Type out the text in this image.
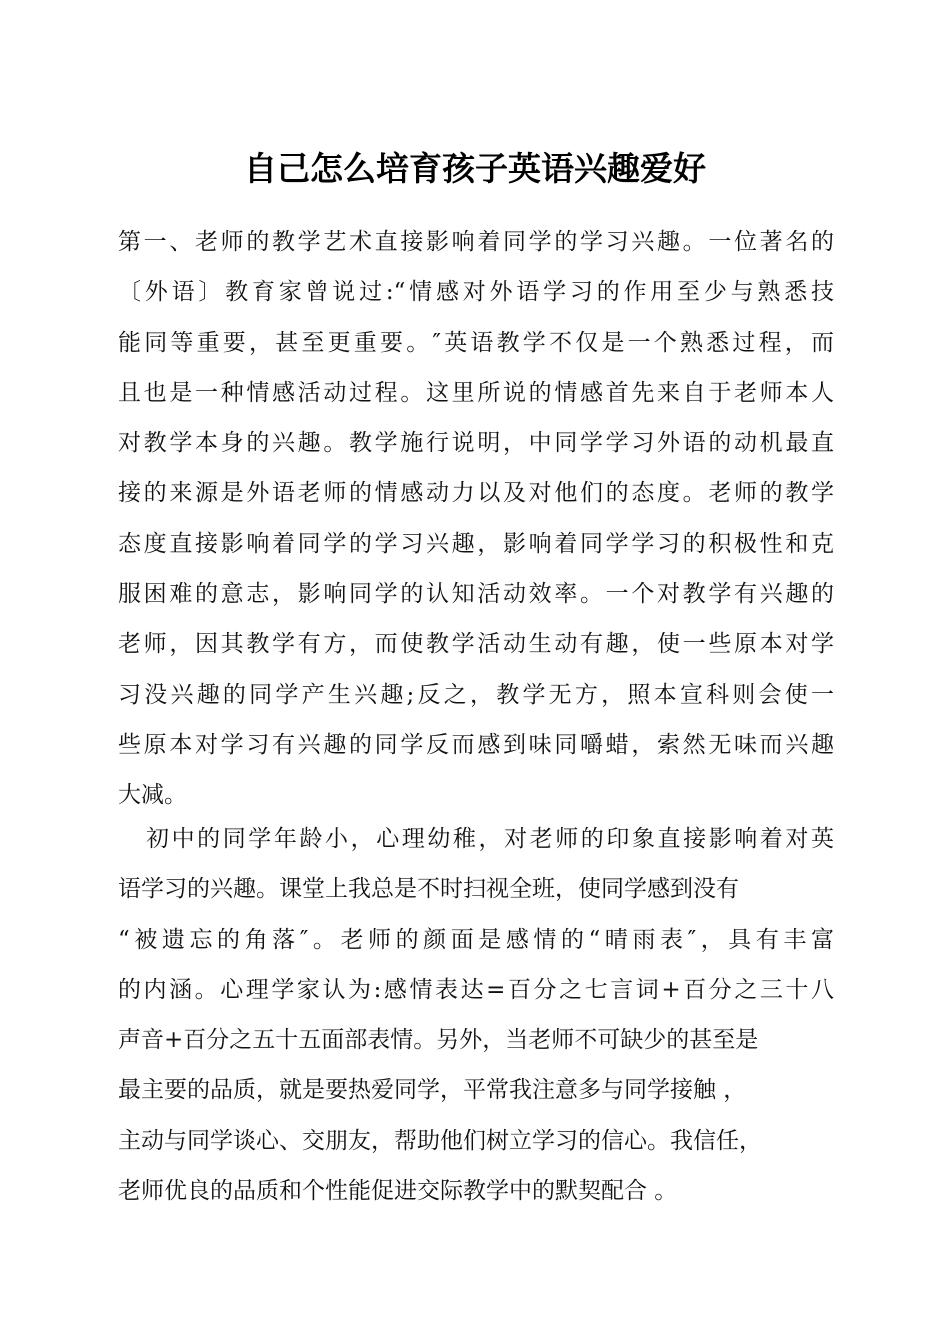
自己怎么培育孩子英语兴趣爱好
第一、老师的教学艺术直接影响着同学的学习兴趣。一位著名的
〔外语〕教育家曾说过:“情感对外语学习的作用至少与熟悉技
能同等重要，甚至更重要。″英语教学不仅是一个熟悉过程，而
且也是一种情感活动过程。这里所说的情感首先来自于老师本人
对教学本身的兴趣。教学施行说明，中同学学习外语的动机最直
接的来源是外语老师的情感动力以及对他们的态度。老师的教学
态度直接影响着同学的学习兴趣，影响着同学学习的积极性和克
服困难的意志，影响同学的认知活动效率。一个对教学有兴趣的
老师，因其教学有方，而使教学活动生动有趣，使一些原本对学
习没兴趣的同学产生兴趣;反之，教学无方，照本宣科则会使一
些原本对学习有兴趣的同学反而感到味同嚼蜡，索然无味而兴趣
大减。
初中的同学年龄小，心理幼稚，对老师的印象直接影响着对英
语学习的兴趣。课堂上我总是不时扫视全班，使同学感到没有
“被遗忘的角落″。老师的颜面是感情的“晴雨表″，具有丰富
的内涵。心理学家认为:感情表达=百分之七言词+百分之三十八
声音+百分之五十五面部表情。另外，当老师不可缺少的甚至是
最主要的品质，就是要热爱同学，平常我注意多与同学接触 ，
主动与同学谈心、交朋友，帮助他们树立学习的信心。我信任，
老师优良的品质和个性能促进交际教学中的默契配合 。
